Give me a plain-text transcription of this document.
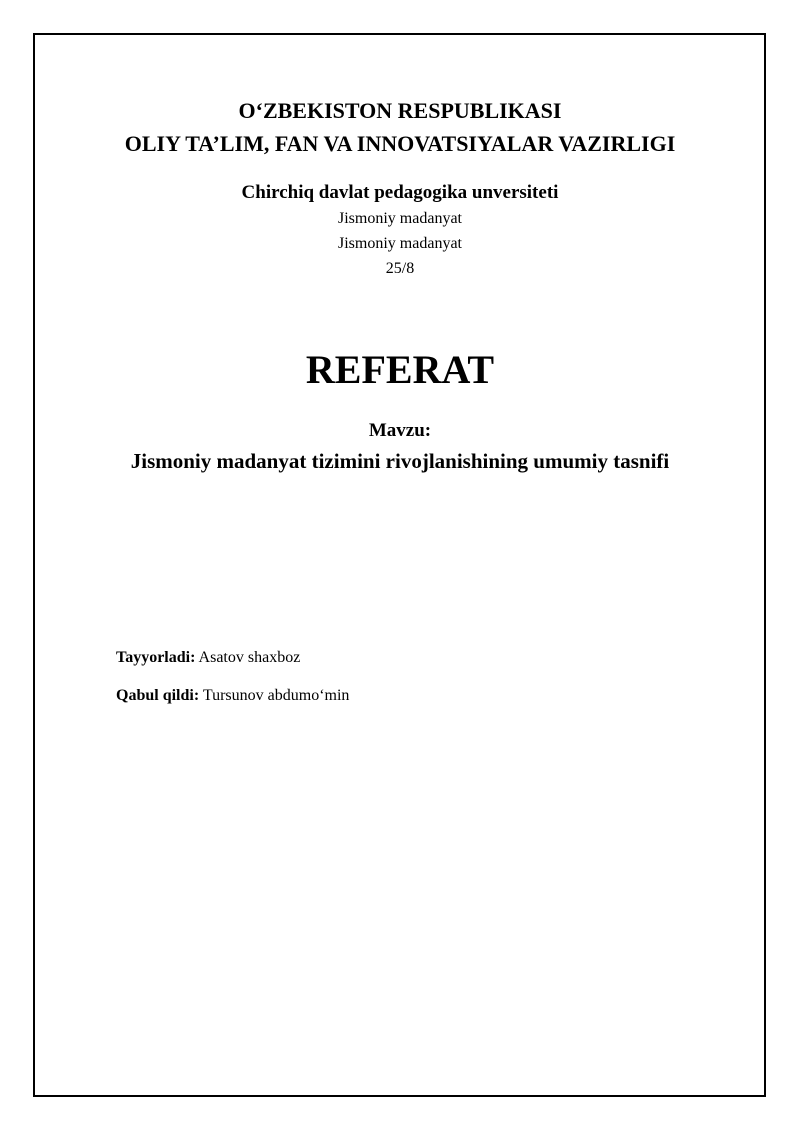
O‘ZBEKISTON RESPUBLIKASI
OLIY TA’LIM, FAN VA INNOVATSIYALAR VAZIRLIGI
Chirchiq davlat pedagogika unversiteti
Jismoniy madanyat
Jismoniy madanyat
25/8
REFERAT
Mavzu:
Jismoniy madanyat tizimini rivojlanishining umumiy tasnifi
Tayyorladi: Asatov shaxboz
Qabul qildi: Tursunov abdumo‘min
